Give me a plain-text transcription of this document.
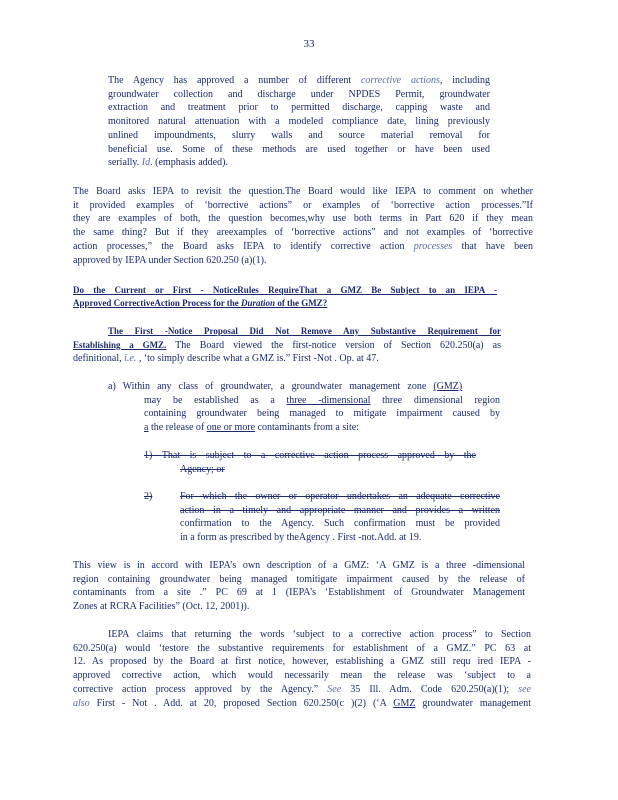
33
The Agency has approved a number of different corrective actions, including
groundwater collection and discharge under NPDES Permit, groundwater
extraction and treatment prior to permitted discharge, capping waste and
monitored natural attenuation with a modeled compliance date, lining previously
unlined impoundments, slurry walls and source material removal for
beneficial use. Some of these methods are used together or have been used
serially. Id. (emphasis added).
The Board asks IEPA to revisit the question.The Board would like IEPA to comment on whether
it provided examples of ‘borrective actions” or examples of ‘borrective action processes.”If
they are examples of both, the question becomes,why use both terms in Part 620 if they mean
the same thing? But if they areexamples of ‘borrective actions” and not examples of ‘borrective
action processes,” the Board asks IEPA to identify corrective action processes that have been
approved by IEPA under Section 620.250 (a)(1).
Do the Current or First - NoticeRules RequireThat a GMZ Be Subject to an IEPA -
Approved CorrectiveAction Process for the Duration of the GMZ?
The First -Notice Proposal Did Not Remove Any Substantive Requirement for
Establishing a GMZ. The Board viewed the first-notice version of Section 620.250(a) as
definitional, i.e. , ‘to simply describe what a GMZ is.” First -Not . Op. at 47.
a) Within any class of groundwater, a groundwater management zone (GMZ)
may be established as a three -dimensional three dimensional region
containing groundwater being managed to mitigate impairment caused by
a the release of one or more contaminants from a site:
1) That is subject to a corrective action process approved by the
Agency; or
2)	For which the owner or operator undertakes an adequate corrective
action in a timely and appropriate manner and provides a written
confirmation to the Agency. Such confirmation must be provided
in a form as prescribed by theAgency . First -not.Add. at 19.
This view is in accord with IEPA’s own description of a GMZ: ‘A GMZ is a three -dimensional
region containing groundwater being managed tomitigate impairment caused by the release of
contaminants from a site .” PC 69 at 1 (IEPA’s ‘Establishment of Groundwater Management
Zones at RCRA Facilities” (Oct. 12, 2001)).
IEPA claims that returning the words ‘subject to a corrective action process” to Section
620.250(a) would ‘testore the substantive requirements for establishment of a GMZ.” PC 63 at
12. As proposed by the Board at first notice, however, establishing a GMZ still requ ired IEPA -
approved corrective action, which would necessarily mean the release was ‘subject to a
corrective action process approved by the Agency.” See 35 Ill. Adm. Code 620.250(a)(1); see
also First - Not . Add. at 20, proposed Section 620.250(c )(2) (‘A GMZ groundwater management
